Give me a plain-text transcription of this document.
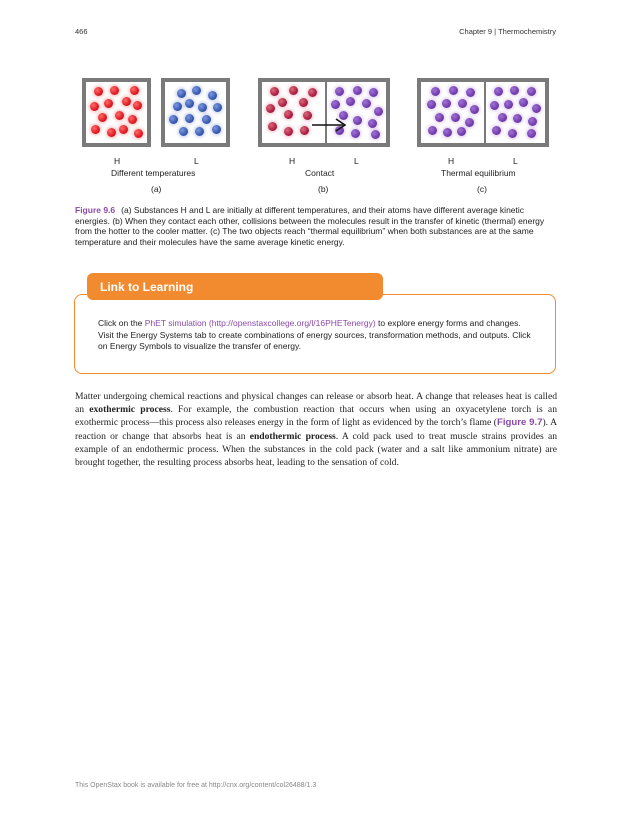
466	Chapter 9 | Thermochemistry
H	L
Different temperatures
(a)
H	L
Contact
(b)
H	L
Thermal equilibrium
(c)

Figure 9.6 (a) Substances H and L are initially at different temperatures, and their atoms have different average kinetic energies. (b) When they contact each other, collisions between the molecules result in the transfer of kinetic (thermal) energy from the hotter to the cooler matter. (c) The two objects reach “thermal equilibrium” when both substances are at the same temperature and their molecules have the same average kinetic energy.

Link to Learning

Click on the PhET simulation (http://openstaxcollege.org/l/16PHETenergy) to explore energy forms and changes. Visit the Energy Systems tab to create combinations of energy sources, transformation methods, and outputs. Click on Energy Symbols to visualize the transfer of energy.

Matter undergoing chemical reactions and physical changes can release or absorb heat. A change that releases heat is called an exothermic process. For example, the combustion reaction that occurs when using an oxyacetylene torch is an exothermic process—this process also releases energy in the form of light as evidenced by the torch’s flame (Figure 9.7). A reaction or change that absorbs heat is an endothermic process. A cold pack used to treat muscle strains provides an example of an endothermic process. When the substances in the cold pack (water and a salt like ammonium nitrate) are brought together, the resulting process absorbs heat, leading to the sensation of cold.

This OpenStax book is available for free at http://cnx.org/content/col26488/1.3
